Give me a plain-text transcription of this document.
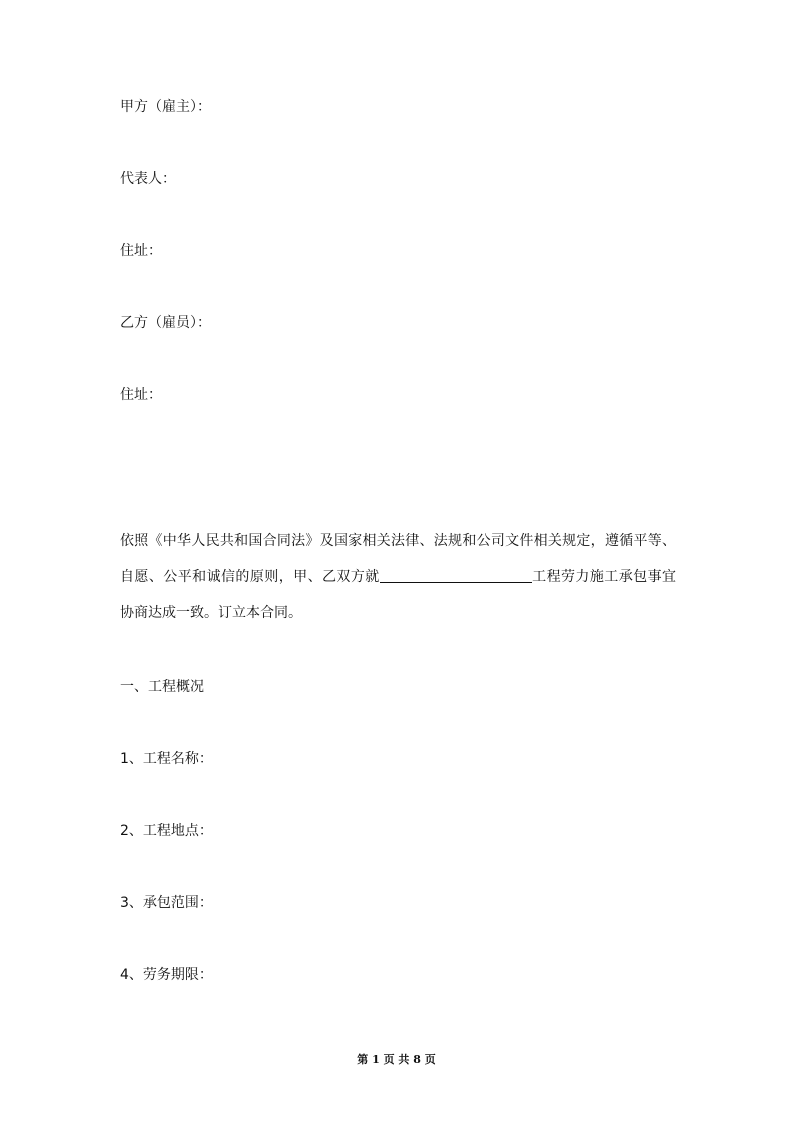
甲方（雇主）：
代表人：
住址：
乙方（雇员）：
住址：
依照《中华人民共和国合同法》及国家相关法律、法规和公司文件相关规定，遵循平等、自愿、公平和诚信的原则，甲、乙双方就	工程劳力施工承包事宜协商达成一致。订立本合同。
一、工程概况
1、工程名称：
2、工程地点：
3、承包范围：
4、劳务期限：
第 1 页 共 8 页
